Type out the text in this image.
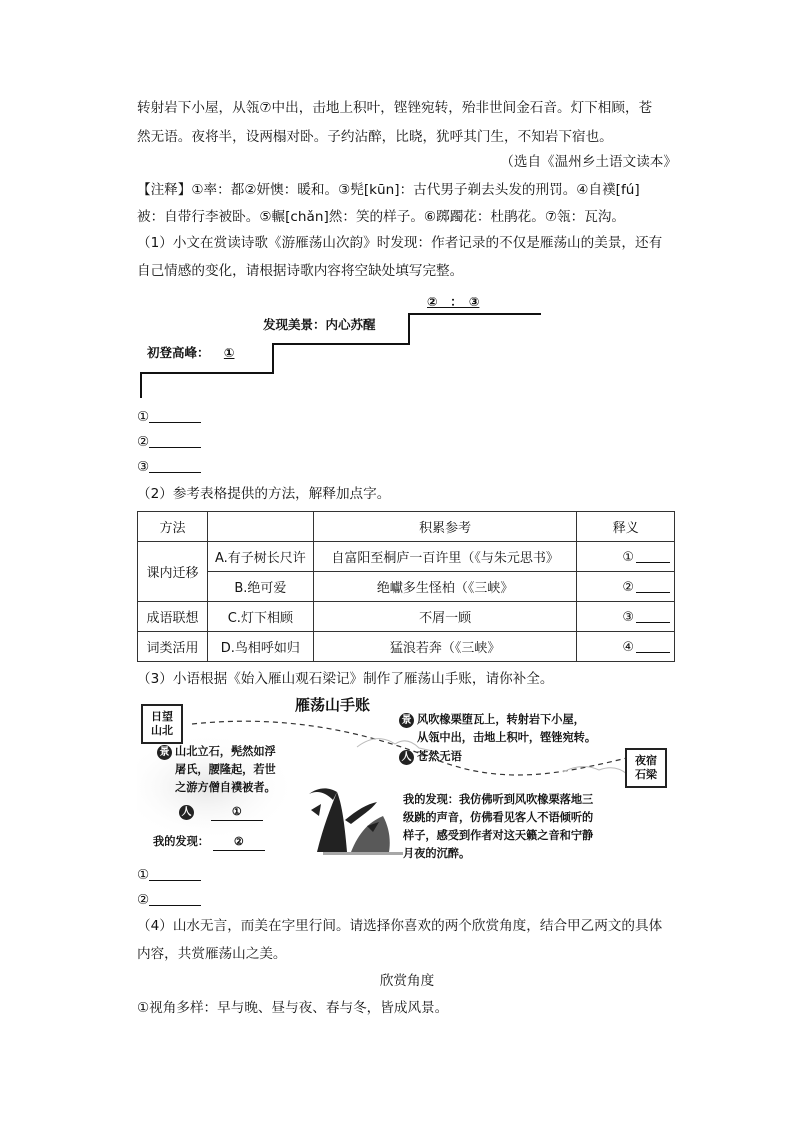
转射岩下小屋，从瓴⑦中出，击地上积叶，铿锉宛转，殆非世间金石音。灯下相顾，苍
然无语。夜将半，设两榻对卧。子约沾醉，比晓，犹呼其门生，不知岩下宿也。
（选自《温州乡土语文读本》
【注释】①率：都②妍懊：暖和。③髡[kūn]：古代男子剃去头发的刑罚。④自襆[fú]
被：自带行李被卧。⑤輾[chǎn]然：笑的样子。⑥踯躅花：杜鹃花。⑦瓴：瓦沟。
（1）小文在赏读诗歌《游雁荡山次韵》时发现：作者记录的不仅是雁荡山的美景，还有
自己情感的变化，请根据诗歌内容将空缺处填写完整。
②　：　③
发现美景：内心苏醒
初登高峰： ①
①
②
③
（2）参考表格提供的方法，解释加点字。
方法		积累参考	释义
课内迁移	A.有子树长尺许	自富阳至桐庐一百许里（《与朱元思书》	①
	B.绝可爱	绝巘多生怪柏（《三峡》	②
成语联想	C.灯下相顾	不屑一顾	③
词类活用	D.鸟相呼如归	猛浪若奔（《三峡》	④
（3）小语根据《始入雁山观石梁记》制作了雁荡山手账，请你补全。
日望
山北
夜宿
石梁
雁荡山手账
景 山北立石，髡然如浮
屠氏，腰隆起，若世
之游方僧自襆被者。
人	①
我的发现： ②
景 风吹橡栗堕瓦上，转射岩下小屋，
从瓴中出，击地上积叶，铿锉宛转。
人 苍然无语
我的发现：我仿佛听到风吹橡栗落地三
级跳的声音，仿佛看见客人不语倾听的
样子，感受到作者对这天籁之音和宁静
月夜的沉醉。
①
②
（4）山水无言，而美在字里行间。请选择你喜欢的两个欣赏角度，结合甲乙两文的具体
内容，共赏雁荡山之美。
欣赏角度
①视角多样：早与晚、昼与夜、春与冬，皆成风景。
